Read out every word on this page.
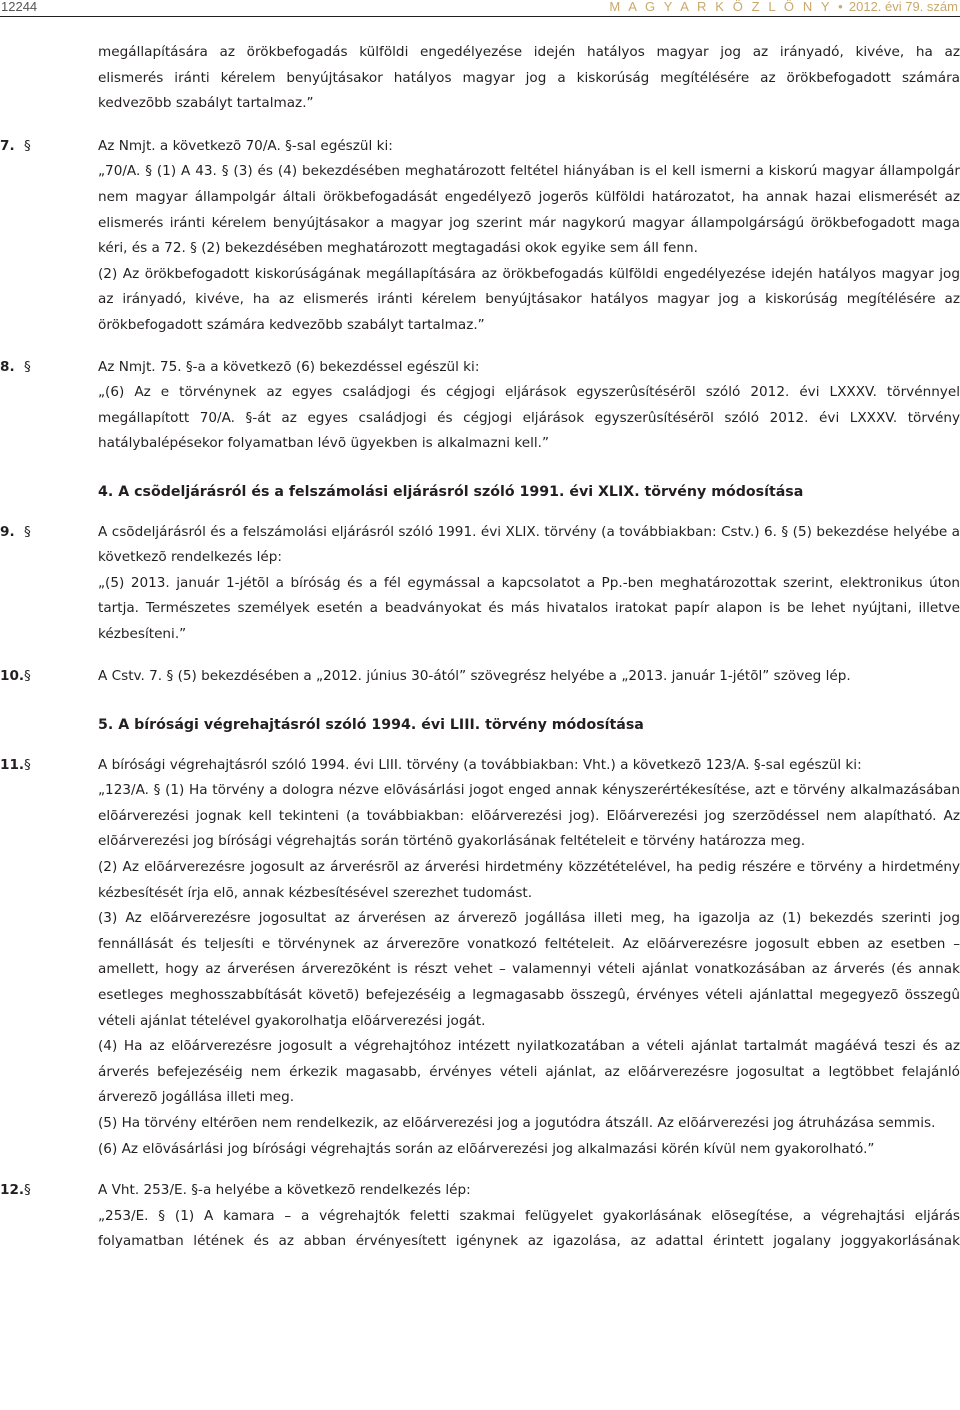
12244	M A G Y A R K Ö Z L Ö N Y • 2012. évi 79. szám

megállapítására az örökbefogadás külföldi engedélyezése idején hatályos magyar jog az irányadó, kivéve, ha az

elismerés iránti kérelem benyújtásakor hatályos magyar jog a kiskorúság megítélésére az örökbefogadott számára

kedvezõbb szabályt tartalmaz.”

7. §	Az Nmjt. a következõ 70/A. §-sal egészül ki:

„70/A. § (1) A 43. § (3) és (4) bekezdésében meghatározott feltétel hiányában is el kell ismerni a kiskorú magyar állampolgár nem magyar állampolgár általi örökbefogadását engedélyezõ jogerõs külföldi határozatot, ha annak hazai elismerését az elismerés iránti kérelem benyújtásakor a magyar jog szerint már nagykorú magyar állampolgárságú örökbefogadott maga kéri, és a 72. § (2) bekezdésében meghatározott megtagadási okok egyike sem áll fenn.

(2) Az örökbefogadott kiskorúságának megállapítására az örökbefogadás külföldi engedélyezése idején hatályos magyar jog az irányadó, kivéve, ha az elismerés iránti kérelem benyújtásakor hatályos magyar jog a kiskorúság megítélésére az örökbefogadott számára kedvezõbb szabályt tartalmaz.”

8. §	Az Nmjt. 75. §-a a következõ (6) bekezdéssel egészül ki:

„(6) Az e törvénynek az egyes családjogi és cégjogi eljárások egyszerûsítésérõl szóló 2012. évi LXXXV. törvénnyel megállapított 70/A. §-át az egyes családjogi és cégjogi eljárások egyszerûsítésérõl szóló 2012. évi LXXXV. törvény hatálybalépésekor folyamatban lévõ ügyekben is alkalmazni kell.”

4. A csõdeljárásról és a felszámolási eljárásról szóló 1991. évi XLIX. törvény módosítása
9. §	A csõdeljárásról és a felszámolási eljárásról szóló 1991. évi XLIX. törvény (a továbbiakban: Cstv.) 6. § (5) bekezdése helyébe a következõ rendelkezés lép:

„(5) 2013. január 1-jétõl a bíróság és a fél egymással a kapcsolatot a Pp.-ben meghatározottak szerint, elektronikus úton tartja. Természetes személyek esetén a beadványokat és más hivatalos iratokat papír alapon is be lehet nyújtani, illetve kézbesíteni.”

10. §	A Cstv. 7. § (5) bekezdésében a „2012. június 30-ától” szövegrész helyébe a „2013. január 1-jétõl” szöveg lép.

5. A bírósági végrehajtásról szóló 1994. évi LIII. törvény módosítása
11. §	A bírósági végrehajtásról szóló 1994. évi LIII. törvény (a továbbiakban: Vht.) a következõ 123/A. §-sal egészül ki:

„123/A. § (1) Ha törvény a dologra nézve elõvásárlási jogot enged annak kényszerértékesítése, azt e törvény alkalmazásában elõárverezési jognak kell tekinteni (a továbbiakban: elõárverezési jog). Elõárverezési jog szerzõdéssel nem alapítható. Az elõárverezési jog bírósági végrehajtás során történõ gyakorlásának feltételeit e törvény határozza meg.

(2) Az elõárverezésre jogosult az árverésrõl az árverési hirdetmény közzétételével, ha pedig részére e törvény a hirdetmény kézbesítését írja elõ, annak kézbesítésével szerezhet tudomást.

(3) Az elõárverezésre jogosultat az árverésen az árverezõ jogállása illeti meg, ha igazolja az (1) bekezdés szerinti jog fennállását és teljesíti e törvénynek az árverezõre vonatkozó feltételeit. Az elõárverezésre jogosult ebben az esetben – amellett, hogy az árverésen árverezõként is részt vehet – valamennyi vételi ajánlat vonatkozásában az árverés (és annak esetleges meghosszabbítását követõ) befejezéséig a legmagasabb összegû, érvényes vételi ajánlattal megegyezõ összegû vételi ajánlat tételével gyakorolhatja elõárverezési jogát.

(4) Ha az elõárverezésre jogosult a végrehajtóhoz intézett nyilatkozatában a vételi ajánlat tartalmát magáévá teszi és az árverés befejezéséig nem érkezik magasabb, érvényes vételi ajánlat, az elõárverezésre jogosultat a legtöbbet felajánló árverezõ jogállása illeti meg.

(5) Ha törvény eltérõen nem rendelkezik, az elõárverezési jog a jogutódra átszáll. Az elõárverezési jog átruházása semmis.

(6) Az elõvásárlási jog bírósági végrehajtás során az elõárverezési jog alkalmazási körén kívül nem gyakorolható.”

12. §	A Vht. 253/E. §-a helyébe a következõ rendelkezés lép:

„253/E. § (1) A kamara – a végrehajtók feletti szakmai felügyelet gyakorlásának elõsegítése, a végrehajtási eljárás folyamatban létének és az abban érvényesített igénynek az igazolása, az adattal érintett jogalany joggyakorlásának
